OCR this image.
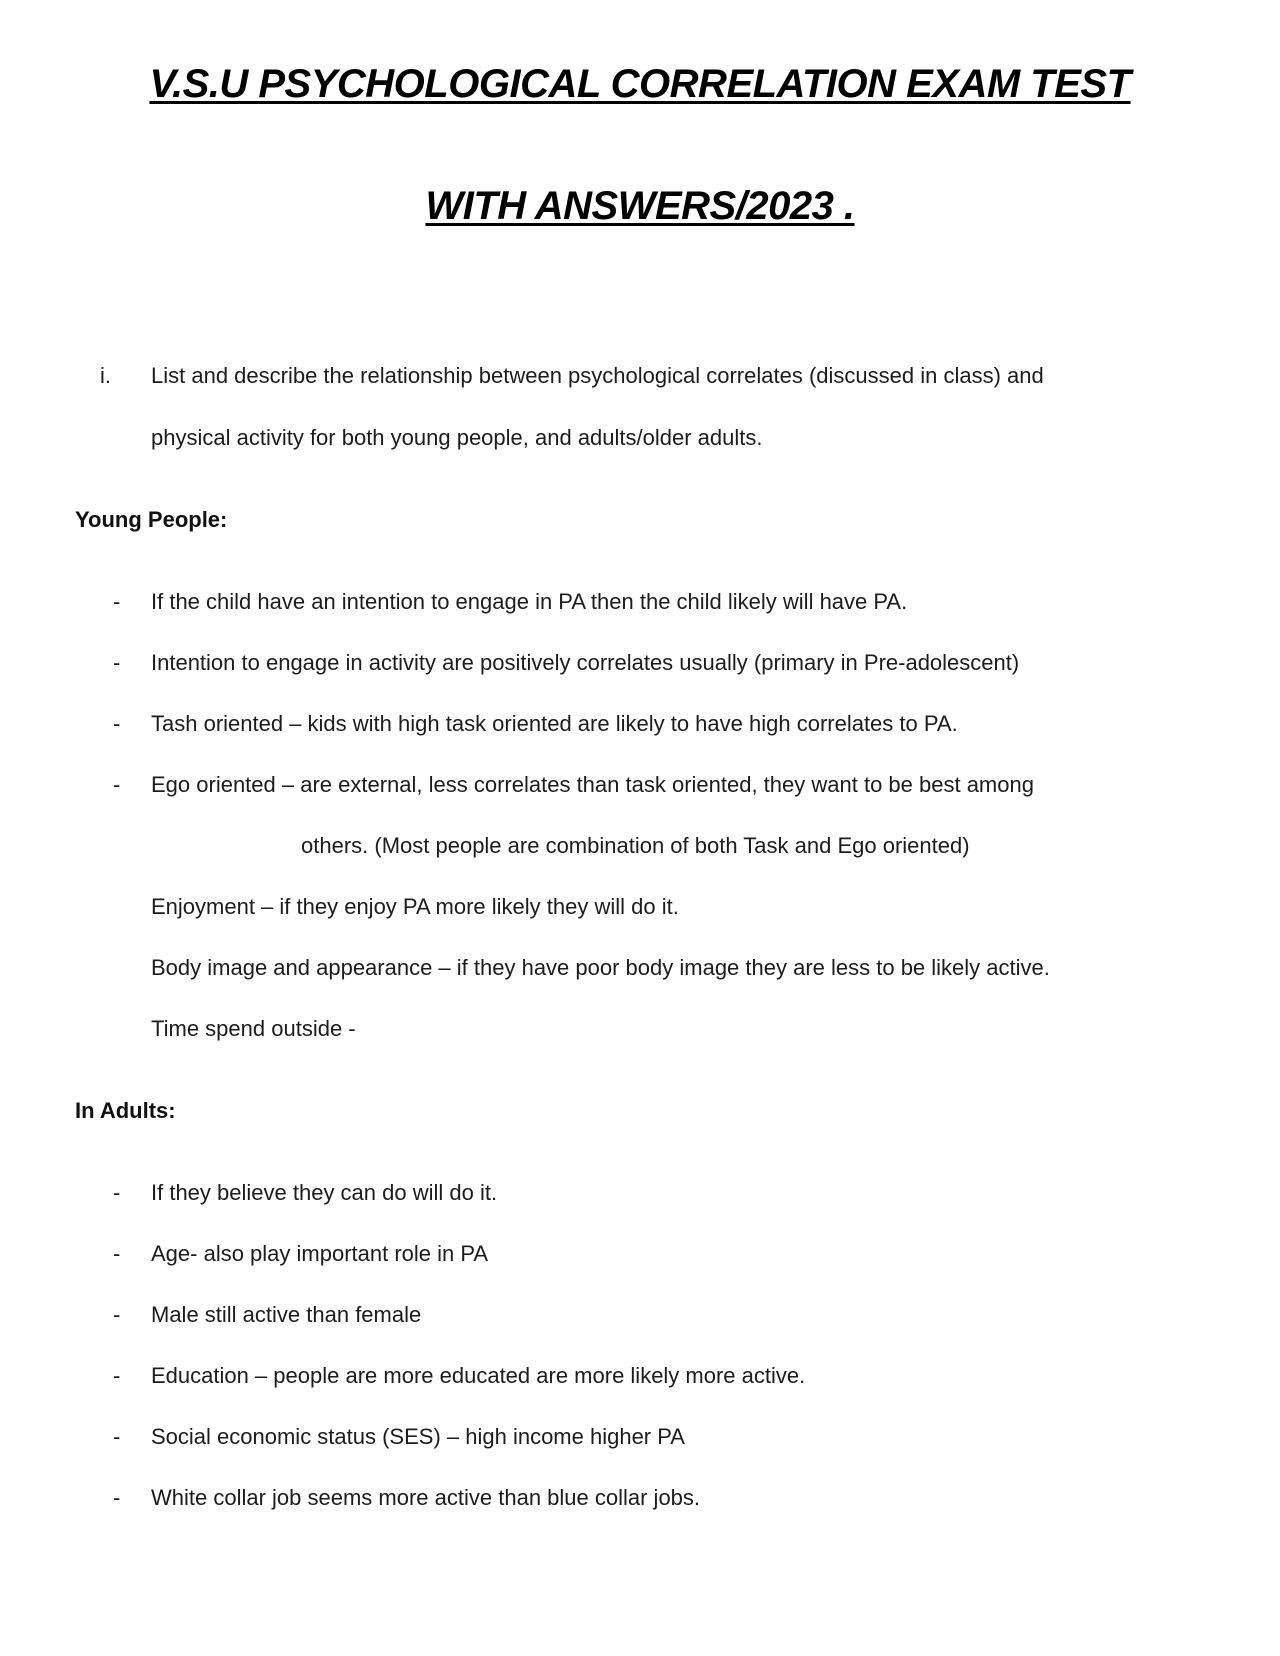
V.S.U PSYCHOLOGICAL CORRELATION EXAM TEST
WITH ANSWERS/2023 .
i. List and describe the relationship between psychological correlates (discussed in class) and
physical activity for both young people, and adults/older adults.
Young People:
- If the child have an intention to engage in PA then the child likely will have PA.
- Intention to engage in activity are positively correlates usually (primary in Pre-adolescent)
- Tash oriented – kids with high task oriented are likely to have high correlates to PA.
- Ego oriented – are external, less correlates than task oriented, they want to be best among
others. (Most people are combination of both Task and Ego oriented)
Enjoyment – if they enjoy PA more likely they will do it.
Body image and appearance – if they have poor body image they are less to be likely active.
Time spend outside -
In Adults:
- If they believe they can do will do it.
- Age- also play important role in PA
- Male still active than female
- Education – people are more educated are more likely more active.
- Social economic status (SES) – high income higher PA
- White collar job seems more active than blue collar jobs.
